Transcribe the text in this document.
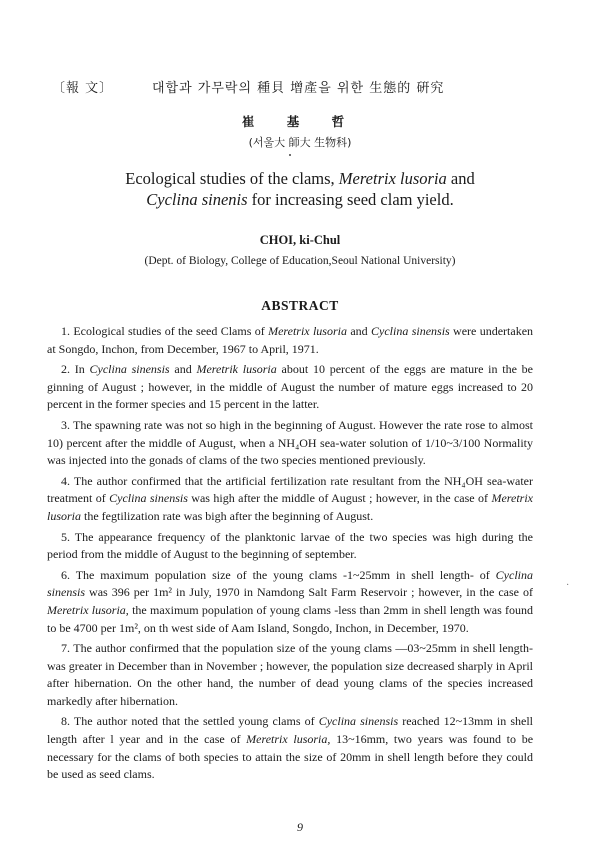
〔報 文〕	대합과 가무락의 種貝 增產을 위한 生態的 硏究
崔 基 哲
(서울大 師大 生物科)
Ecological studies of the clams, Meretrix lusoria and
Cyclina sinenis for increasing seed clam yield.
CHOI, ki-Chul
(Dept. of Biology, College of Education,Seoul National University)
ABSTRACT

1. Ecological studies of the seed Clams of Meretrix lusoria and Cyclina sinensis were undertaken at Songdo, Inchon, from December, 1967 to April, 1971.

2. In Cyclina sinensis and Meretrik lusoria about 10 percent of the eggs are mature in the be ginning of August ; however, in the middle of August the number of mature eggs increased to 20 percent in the former species and 15 percent in the latter.

3. The spawning rate was not so high in the beginning of August. However the rate rose to almost 10) percent after the middle of August, when a NH₄OH sea-water solution of 1/10~3/100 Normality was injected into the gonads of clams of the two species mentioned previously.

4. The author confirmed that the artificial fertilization rate resultant from the NH₄OH sea-water treatment of Cyclina sinensis was high after the middle of August ; however, in the case of Meretrix lusoria the fegtilization rate was bigh after the beginning of August.

5. The appearance frequency of the planktonic larvae of the two species was high during the period from the middle of August to the beginning of september.

6. The maximum population size of the young clams -1~25mm in shell length- of Cyclina sinensis was 396 per 1m² in July, 1970 in Namdong Salt Farm Reservoir ; however, in the case of Meretrix lusoria, the maximum population of young clams -less than 2mm in shell length was found to be 4700 per 1m², on th west side of Aam Island, Songdo, Inchon, in December, 1970.

7. The author confirmed that the population size of the young clams —03~25mm in shell length- was greater in December than in November ; however, the population size decreased sharply in April after hibernation. On the other hand, the number of dead young clams of the species increased markedly after hibernation.

8. The author noted that the settled young clams of Cyclina sinensis reached 12~13mm in shell length after l year and in the case of Meretrix lusoria, 13~16mm, two years was found to be necessary for the clams of both species to attain the size of 20mm in shell length before they could be used as seed clams.

·
9
